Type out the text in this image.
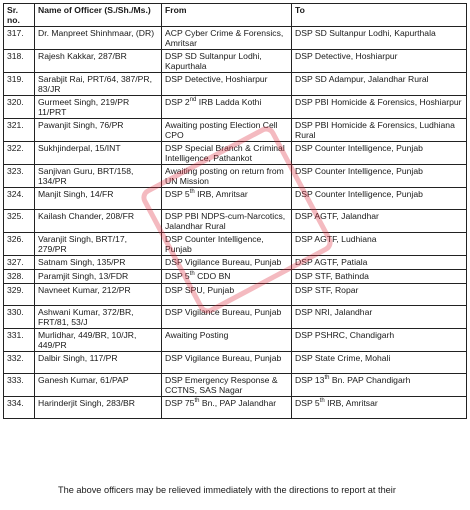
Sr. no.	Name of Officer (S./Sh./Ms.)	From	To
317.	Dr. Manpreet Shinhmaar, (DR)	ACP Cyber Crime & Forensics, Amritsar	DSP SD Sultanpur Lodhi, Kapurthala
318.	Rajesh Kakkar, 287/BR	DSP SD Sultanpur Lodhi, Kapurthala	DSP Detective, Hoshiarpur
319.	Sarabjit Rai, PRT/64, 387/PR, 83/JR	DSP Detective, Hoshiarpur	DSP SD Adampur, Jalandhar Rural
320.	Gurmeet Singh, 219/PR 11/PRT	DSP 2nd IRB Ladda Kothi	DSP PBI Homicide & Forensics, Hoshiarpur
321.	Pawanjit Singh, 76/PR	Awaiting posting Election Cell CPO	DSP PBI Homicide & Forensics, Ludhiana Rural
322.	Sukhjinderpal, 15/INT	DSP Special Branch & Criminal Intelligence, Pathankot	DSP Counter Intelligence, Punjab
323.	Sanjivan Guru, BRT/158, 134/PR	Awaiting posting on return from UN Mission	DSP Counter Intelligence, Punjab
324.	Manjit Singh, 14/FR	DSP 5th IRB, Amritsar	DSP Counter Intelligence, Punjab
325.	Kailash Chander, 208/FR	DSP PBI NDPS-cum-Narcotics, Jalandhar Rural	DSP AGTF, Jalandhar
326.	Varanjit Singh, BRT/17, 279/PR	DSP Counter Intelligence, Punjab	DSP AGTF, Ludhiana
327.	Satnam Singh, 135/PR	DSP Vigilance Bureau, Punjab	DSP AGTF, Patiala
328.	Paramjit Singh, 13/FDR	DSP 5th CDO BN	DSP STF, Bathinda
329.	Navneet Kumar, 212/PR	DSP SPU, Punjab	DSP STF, Ropar
330.	Ashwani Kumar, 372/BR, FRT/81, 53/J	DSP Vigilance Bureau, Punjab	DSP NRI, Jalandhar
331.	Murlidhar, 449/BR, 10/JR, 449/PR	Awaiting Posting	DSP PSHRC, Chandigarh
332.	Dalbir Singh, 117/PR	DSP Vigilance Bureau, Punjab	DSP State Crime, Mohali
333.	Ganesh Kumar, 61/PAP	DSP Emergency Response & CCTNS, SAS Nagar	DSP 13th Bn. PAP Chandigarh
334.	Harinderjit Singh, 283/BR	DSP 75th Bn., PAP Jalandhar	DSP 5th IRB, Amritsar
The above officers may be relieved immediately with the directions to report at their
